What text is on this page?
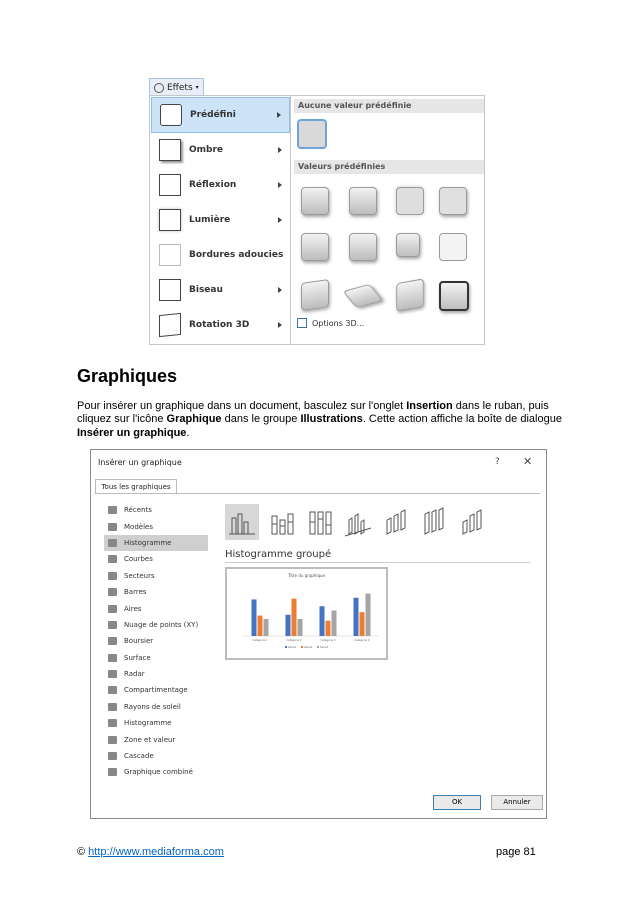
Effets ▾
Prédéfini
Ombre
Réflexion
Lumière
Bordures adoucies
Biseau
Rotation 3D
Aucune valeur prédéfinie
Valeurs prédéfinies
Options 3D...
Graphiques
Pour insérer un graphique dans un document, basculez sur l'onglet Insertion dans le ruban, puis cliquez sur l'icône Graphique dans le groupe Illustrations. Cette action affiche la boîte de dialogue Insérer un graphique.
Insérer un graphique	? ✕
Tous les graphiques
Récents
Modèles
Histogramme
Courbes
Secteurs
Barres
Aires
Nuage de points (XY)
Boursier
Surface
Radar
Compartimentage
Rayons de soleil
Histogramme
Zone et valeur
Cascade
Graphique combiné
Histogramme groupé
Titre du graphique
Catégorie 1	Catégorie 2	Catégorie 3	Catégorie 4
Série1	Série2	Série3
OK	Annuler
© http://www.mediaforma.com	page 81
